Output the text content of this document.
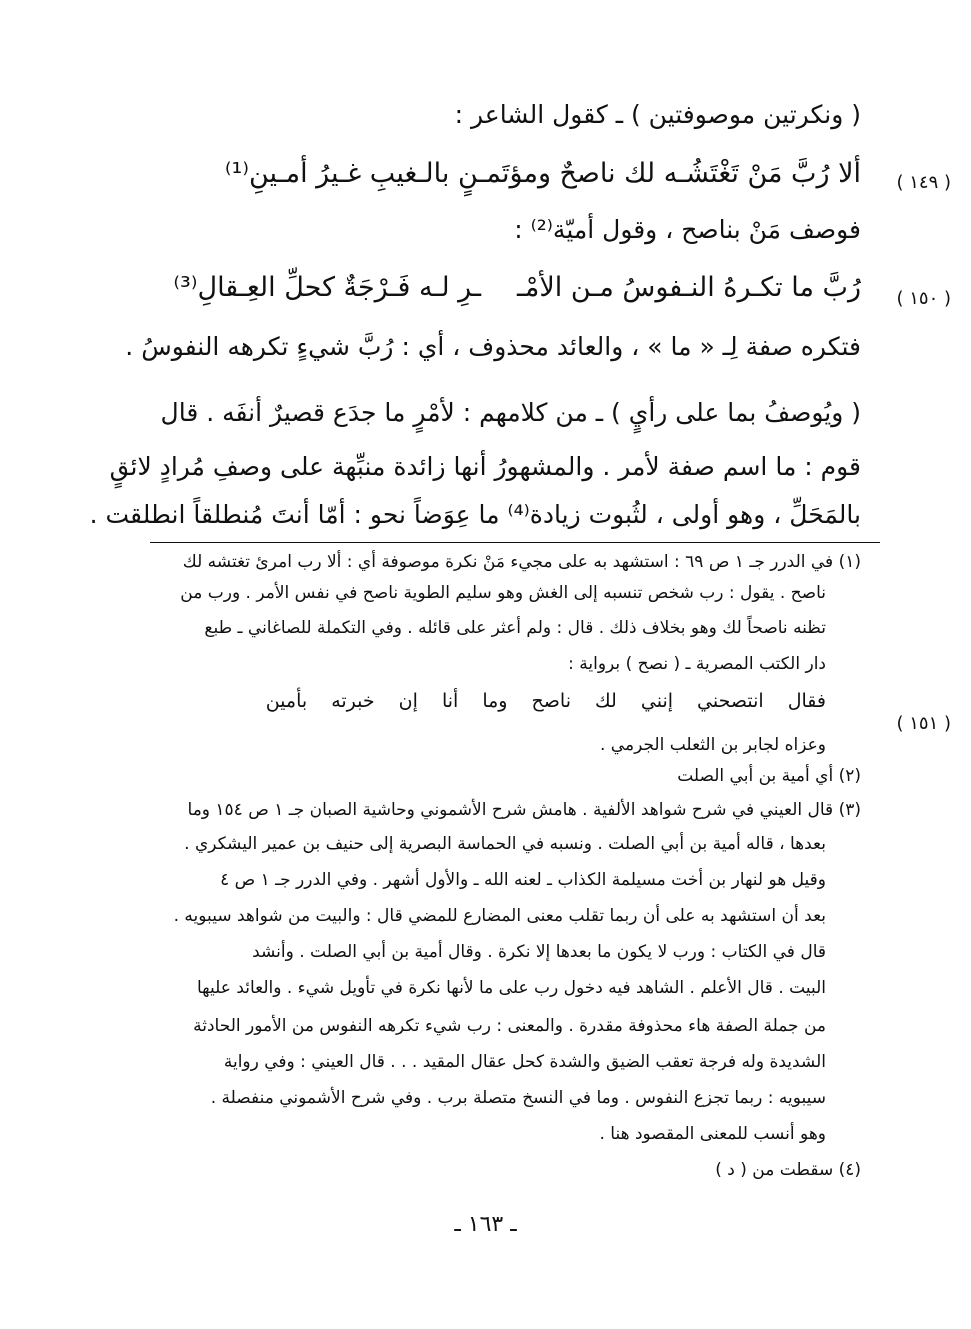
( ونكرتين موصوفتين ) ـ كقول الشاعر :
( ١٤٩ )
ألا رُبَّ مَنْ تَغْتَشُـه لك ناصحٌ
ومؤتَمـنٍ بالـغيبِ غـيرُ أمـينِ⁽¹⁾
فوصف مَنْ بناصح ، وقول أميّة⁽²⁾ :
( ١٥٠ )
رُبَّ ما تكـرهُ النـفوسُ مـن الأمْـ
ـرِ لـه فَـرْجَةٌ كحلِّ العِـقالِ⁽³⁾
فتكره صفة لِـ « ما » ، والعائد محذوف ، أي : رُبَّ شيءٍ تكرهه النفوسُ .
( ويُوصفُ بما على رأيٍ ) ـ من كلامهم : لأمْرٍ ما جدَع قصيرٌ أنفَه . قال
قوم : ما اسم صفة لأمر . والمشهورُ أنها زائدة منبِّهة على وصفِ مُرادٍ لائقٍ
بالمَحَلِّ ، وهو أولى ، لثُبوت زيادة⁽⁴⁾ ما عِوَضاً نحو : أمّا أنتَ مُنطلقاً انطلقت .
(١) في الدرر جـ ١ ص ٦٩ : استشهد به على مجيء مَنْ نكرة موصوفة أي : ألا رب امرئ تغتشه لك
ناصح . يقول : رب شخص تنسبه إلى الغش وهو سليم الطوية ناصح في نفس الأمر . ورب من
تظنه ناصحاً لك وهو بخلاف ذلك . قال : ولم أعثر على قائله . وفي التكملة للصاغاني ـ طبع
دار الكتب المصرية ـ ( نصح ) برواية :
( ١٥١ )
فقال انتصحني إنني لك ناصح وما أنا إن خبرته بأمين
وعزاه لجابر بن الثعلب الجرمي .
(٢) أي أمية بن أبي الصلت
(٣) قال العيني في شرح شواهد الألفية . هامش شرح الأشموني وحاشية الصبان جـ ١ ص ١٥٤ وما
بعدها ، قاله أمية بن أبي الصلت . ونسبه في الحماسة البصرية إلى حنيف بن عمير اليشكري .
وقيل هو لنهار بن أخت مسيلمة الكذاب ـ لعنه الله ـ والأول أشهر . وفي الدرر جـ ١ ص ٤
بعد أن استشهد به على أن ربما تقلب معنى المضارع للمضي قال : والبيت من شواهد سيبويه .
قال في الكتاب : ورب لا يكون ما بعدها إلا نكرة . وقال أمية بن أبي الصلت . وأنشد
البيت . قال الأعلم . الشاهد فيه دخول رب على ما لأنها نكرة في تأويل شيء . والعائد عليها
من جملة الصفة هاء محذوفة مقدرة . والمعنى : رب شيء تكرهه النفوس من الأمور الحادثة
الشديدة وله فرجة تعقب الضيق والشدة كحل عقال المقيد . . . قال العيني : وفي رواية
سيبويه : ربما تجزع النفوس . وما في النسخ متصلة برب . وفي شرح الأشموني منفصلة .
وهو أنسب للمعنى المقصود هنا .
(٤) سقطت من ( د )
ـ ١٦٣ ـ
